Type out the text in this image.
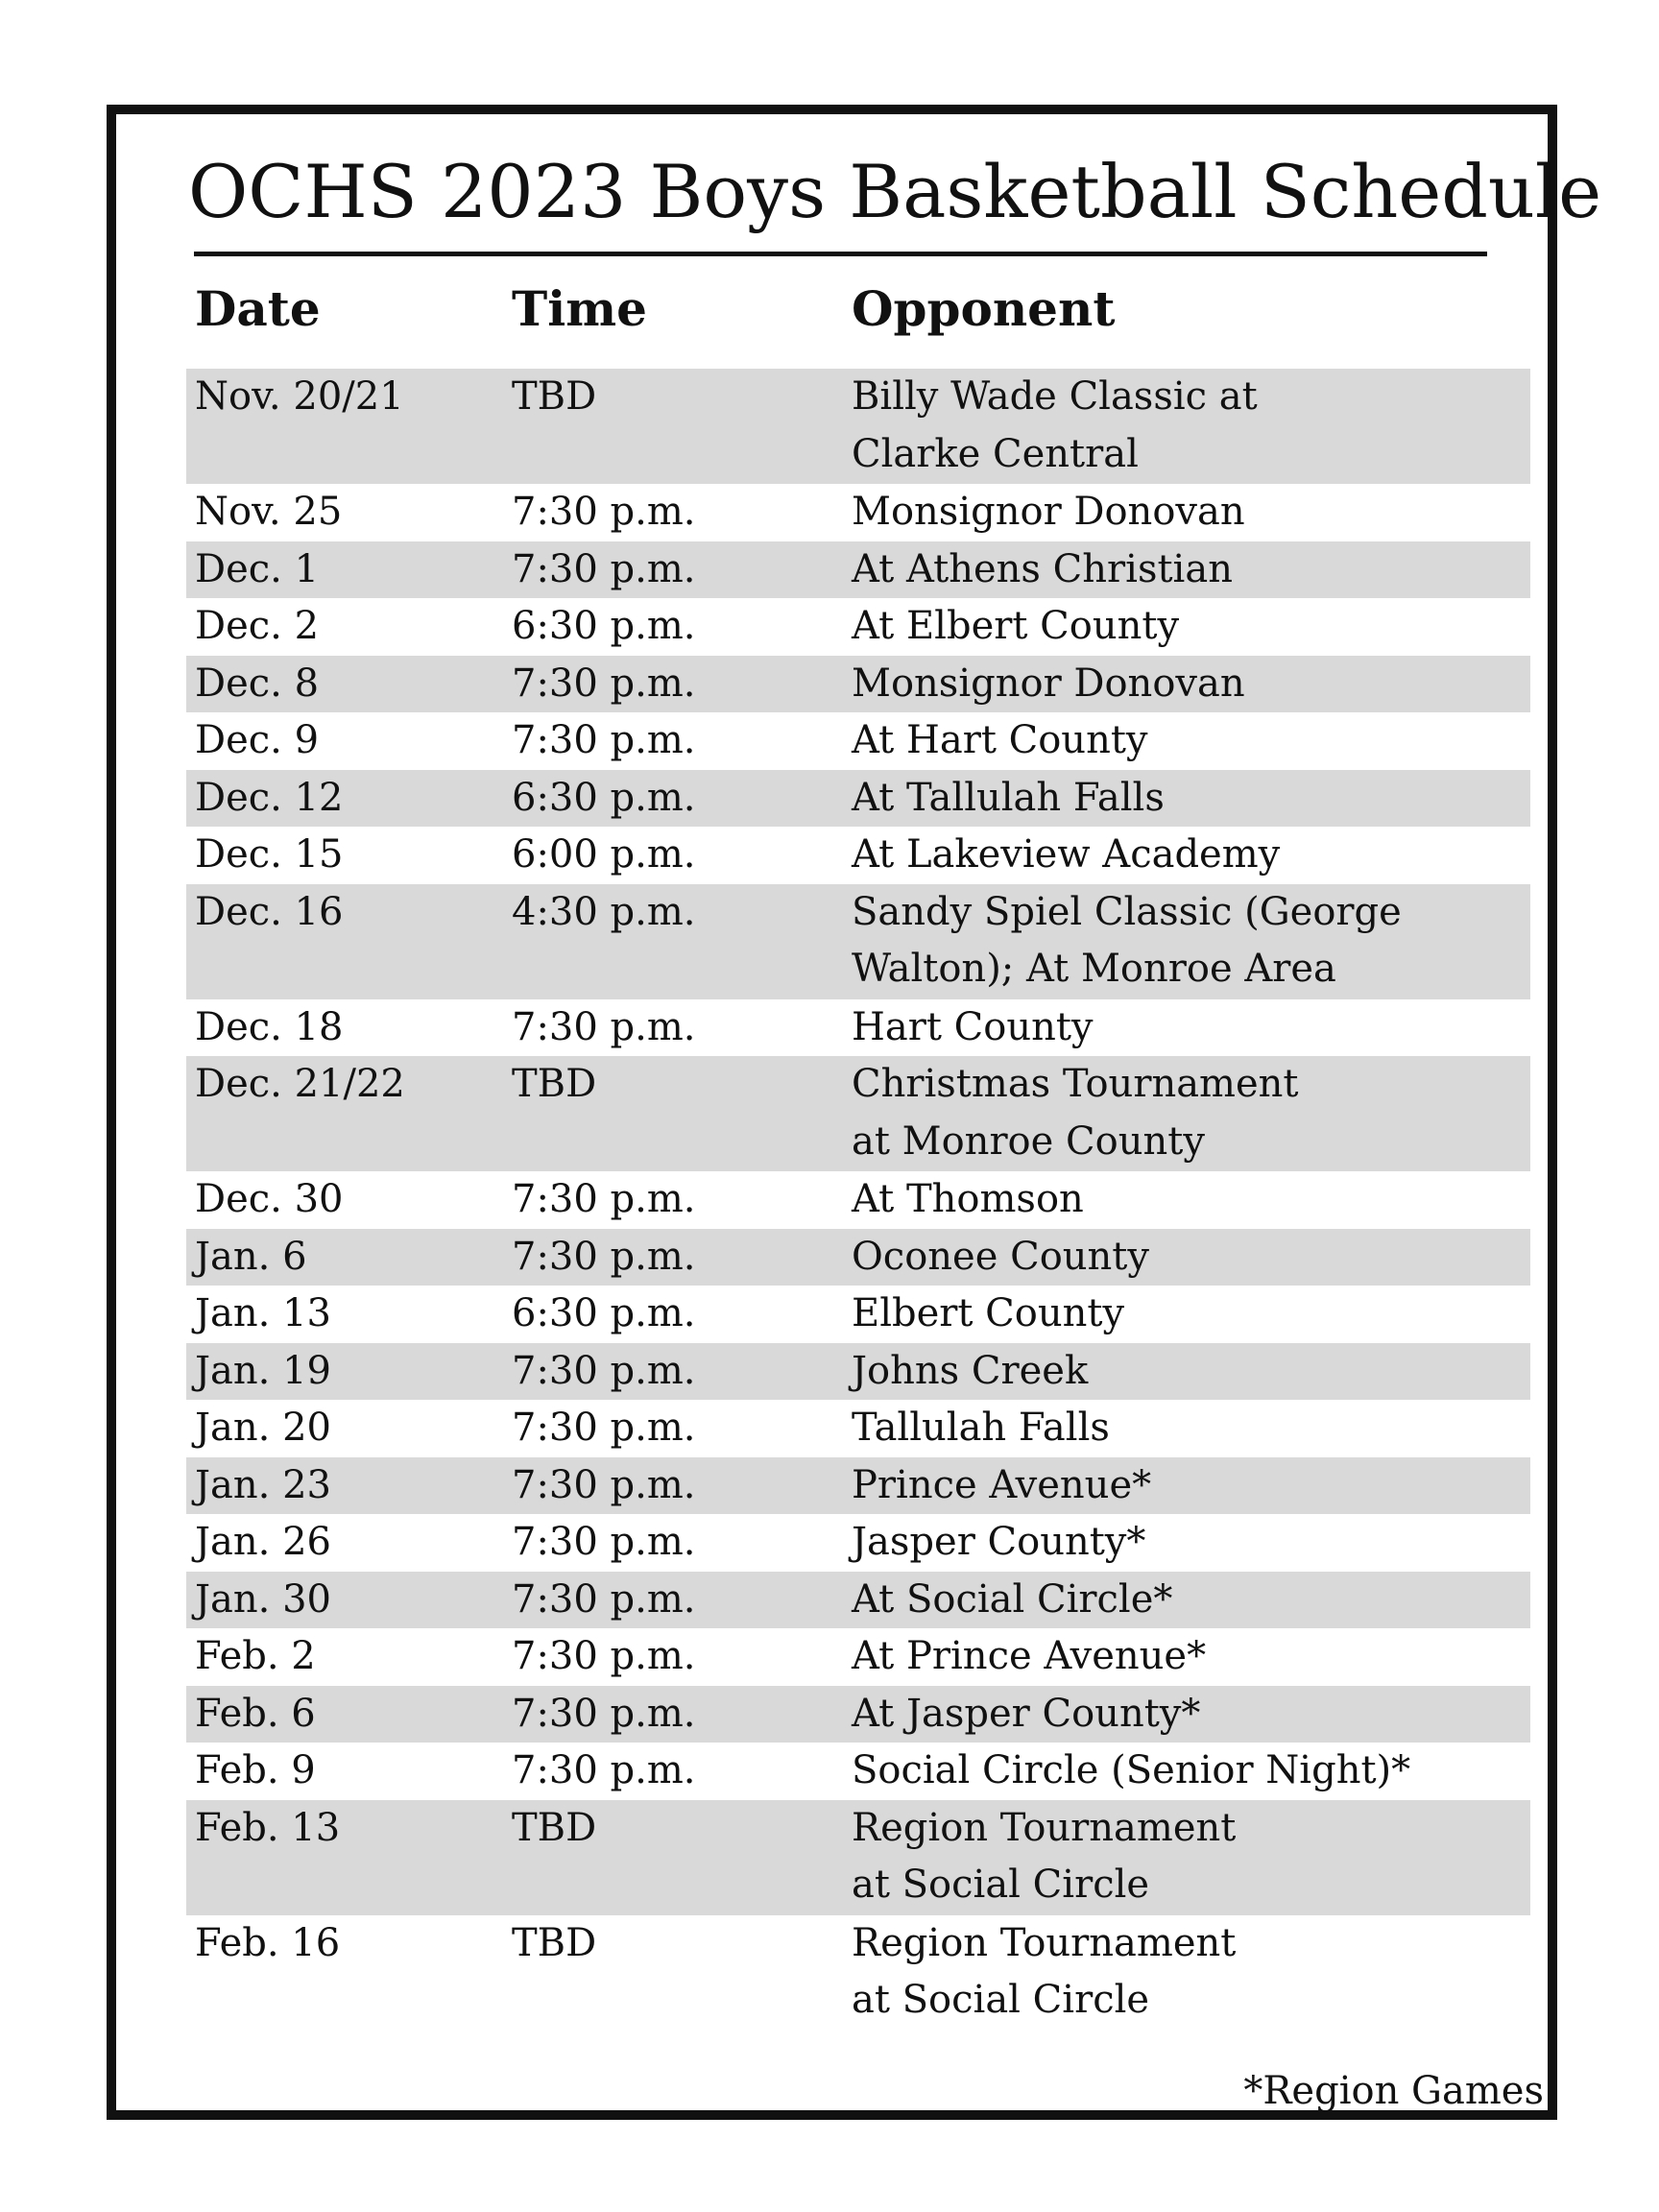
OCHS 2023 Boys Basketball Schedule
Date	Time	Opponent
Nov. 20/21	TBD	Billy Wade Classic at
Clarke Central
Nov. 25	7:30 p.m.	Monsignor Donovan
Dec. 1	7:30 p.m.	At Athens Christian
Dec. 2	6:30 p.m.	At Elbert County
Dec. 8	7:30 p.m.	Monsignor Donovan
Dec. 9	7:30 p.m.	At Hart County
Dec. 12	6:30 p.m.	At Tallulah Falls
Dec. 15	6:00 p.m.	At Lakeview Academy
Dec. 16	4:30 p.m.	Sandy Spiel Classic (George
Walton); At Monroe Area
Dec. 18	7:30 p.m.	Hart County
Dec. 21/22	TBD	Christmas Tournament
at Monroe County
Dec. 30	7:30 p.m.	At Thomson
Jan. 6	7:30 p.m.	Oconee County
Jan. 13	6:30 p.m.	Elbert County
Jan. 19	7:30 p.m.	Johns Creek
Jan. 20	7:30 p.m.	Tallulah Falls
Jan. 23	7:30 p.m.	Prince Avenue*
Jan. 26	7:30 p.m.	Jasper County*
Jan. 30	7:30 p.m.	At Social Circle*
Feb. 2	7:30 p.m.	At Prince Avenue*
Feb. 6	7:30 p.m.	At Jasper County*
Feb. 9	7:30 p.m.	Social Circle (Senior Night)*
Feb. 13	TBD	Region Tournament
at Social Circle
Feb. 16	TBD	Region Tournament
at Social Circle
*Region Games
